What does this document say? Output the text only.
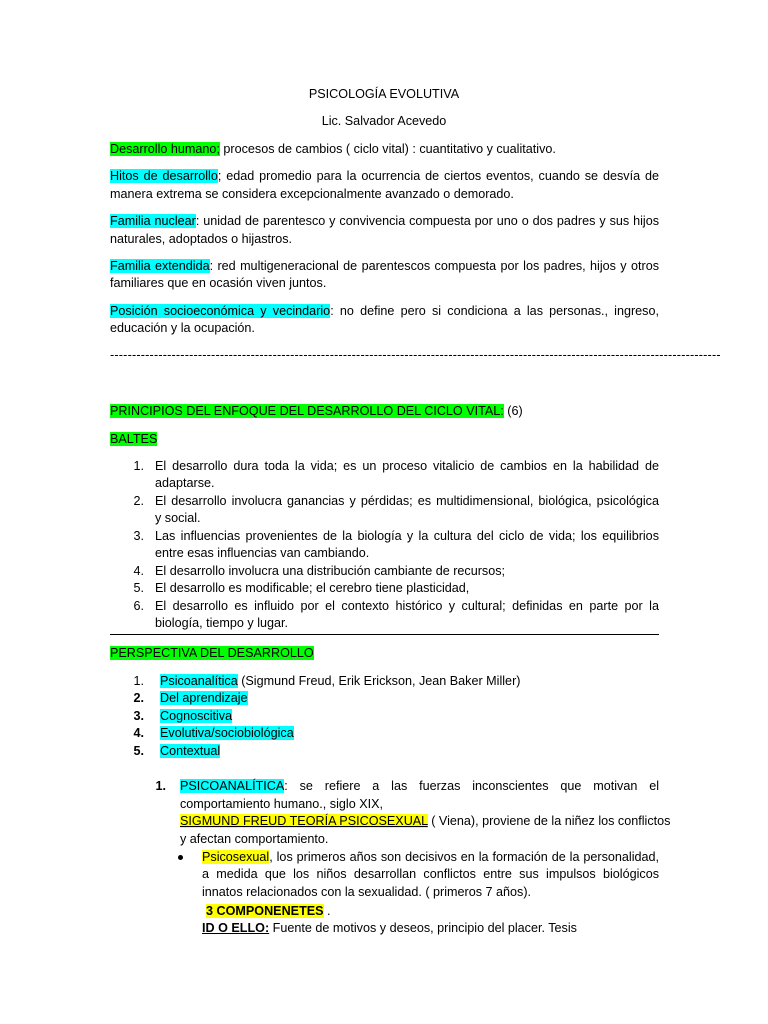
PSICOLOGÍA EVOLUTIVA
Lic. Salvador Acevedo
Desarrollo humano; procesos de cambios ( ciclo vital) : cuantitativo y cualitativo.
Hitos de desarrollo; edad promedio para la ocurrencia de ciertos eventos, cuando se desvía de
manera extrema se considera excepcionalmente avanzado o demorado.
Familia nuclear: unidad de parentesco y convivencia compuesta por uno o dos padres y sus hijos
naturales, adoptados o hijastros.
Familia extendida: red multigeneracional de parentescos compuesta por los padres, hijos y otros
familiares que en ocasión viven juntos.
Posición socioeconómica y vecindario: no define pero si condiciona a las personas., ingreso,
educación y la ocupación.
-------------------------------------------------------------------------------------------------------------------------------------------
PRINCIPIOS DEL ENFOQUE DEL DESARROLLO DEL CICLO VITAL: (6)
BALTES
1. El desarrollo dura toda la vida; es un proceso vitalicio de cambios en la habilidad de
adaptarse.
2. El desarrollo involucra ganancias y pérdidas; es multidimensional, biológica, psicológica
y social.
3. Las influencias provenientes de la biología y la cultura del ciclo de vida; los equilibrios
entre esas influencias van cambiando.
4. El desarrollo involucra una distribución cambiante de recursos;
5. El desarrollo es modificable; el cerebro tiene plasticidad,
6. El desarrollo es influido por el contexto histórico y cultural; definidas en parte por la
biología, tiempo y lugar.
PERSPECTIVA DEL DESARROLLO
1. Psicoanalítica (Sigmund Freud, Erik Erickson, Jean Baker Miller)
2. Del aprendizaje
3. Cognoscitiva
4. Evolutiva/sociobiológica
5. Contextual
1. PSICOANALÍTICA: se refiere a las fuerzas inconscientes que motivan el
comportamiento humano., siglo XIX,
SIGMUND FREUD TEORÍA PSICOSEXUAL ( Viena), proviene de la niñez los conflictos
y afectan comportamiento.
Psicosexual, los primeros años son decisivos en la formación de la personalidad,
a medida que los niños desarrollan conflictos entre sus impulsos biológicos
innatos relacionados con la sexualidad. ( primeros 7 años).
3 COMPONENETES .
ID O ELLO: Fuente de motivos y deseos, principio del placer. Tesis
